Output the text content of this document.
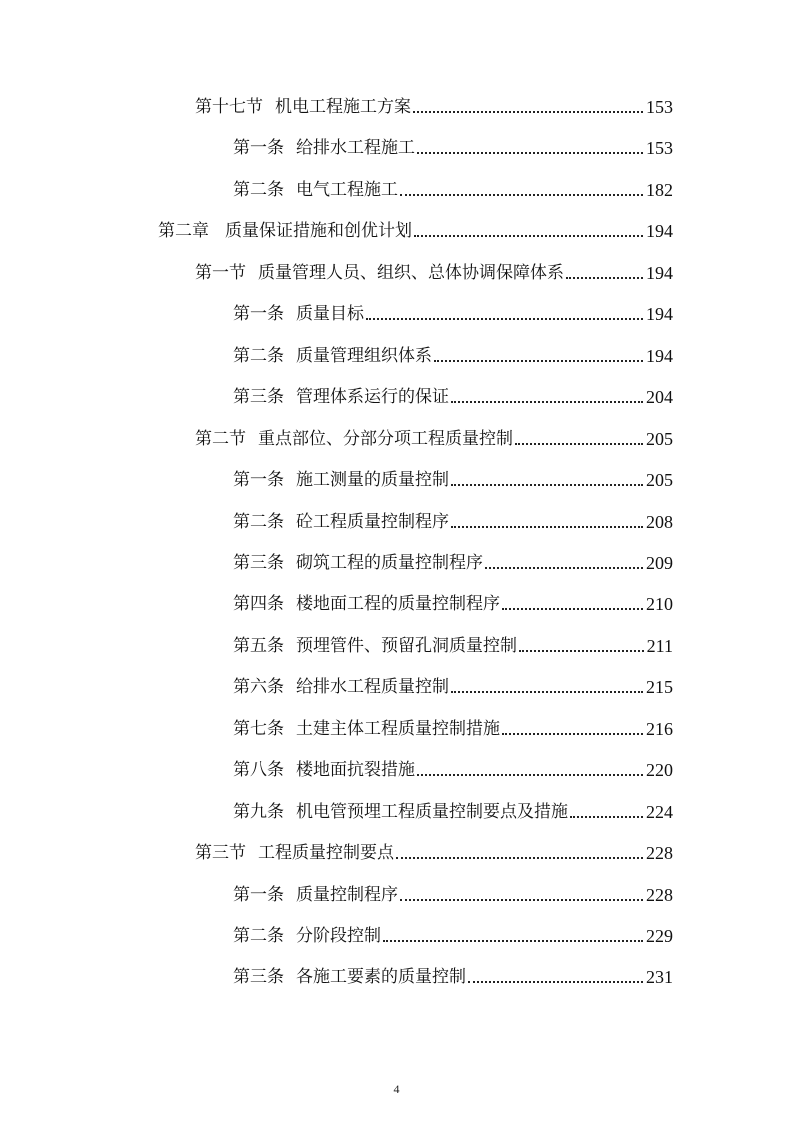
第十七节 机电工程施工方案	153
第一条 给排水工程施工	153
第二条 电气工程施工	182
第二章 质量保证措施和创优计划	194
第一节 质量管理人员、组织、总体协调保障体系	194
第一条 质量目标	194
第二条 质量管理组织体系	194
第三条 管理体系运行的保证	204
第二节 重点部位、分部分项工程质量控制	205
第一条 施工测量的质量控制	205
第二条 砼工程质量控制程序	208
第三条 砌筑工程的质量控制程序	209
第四条 楼地面工程的质量控制程序	210
第五条 预埋管件、预留孔洞质量控制	211
第六条 给排水工程质量控制	215
第七条 土建主体工程质量控制措施	216
第八条 楼地面抗裂措施	220
第九条 机电管预埋工程质量控制要点及措施	224
第三节 工程质量控制要点	228
第一条 质量控制程序	228
第二条 分阶段控制	229
第三条 各施工要素的质量控制	231
4
